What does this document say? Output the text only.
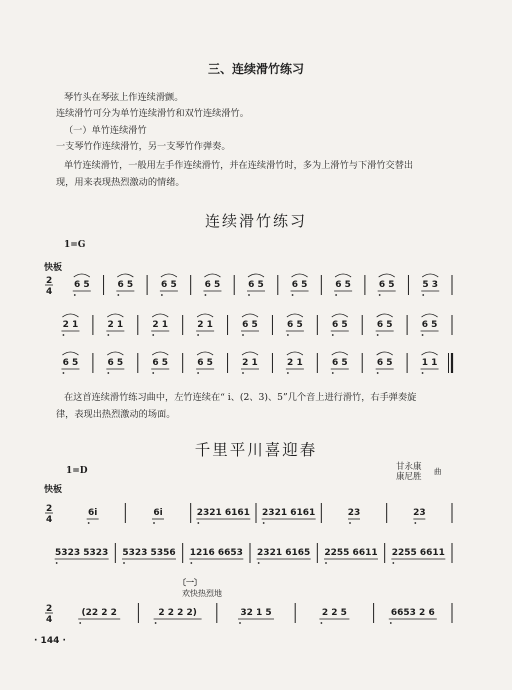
三、连续滑竹练习
琴竹头在琴弦上作连续滑颤。
连续滑竹可分为单竹连续滑竹和双竹连续滑竹。
（一）单竹连续滑竹
一支琴竹作连续滑竹，另一支琴竹作弹奏。
单竹连续滑竹，一般用左手作连续滑竹，并在连续滑竹时，多为上滑竹与下滑竹交替出
现，用来表现热烈激动的情绪。
连续滑竹练习
1=G
快板
2
4
6 5	6 5	6 5	6 5	6 5	6 5	6 5	6 5	5 3
2 1	2 1	2 1	2 1	6 5	6 5	6 5	6 5	6 5
6 5	6 5	6 5	6 5	2 1	2 1	6 5	6 5	1 1
在这首连续滑竹练习曲中，左竹连续在“ i、(2、3)、5”几个音上进行滑竹，右手弹奏旋
律，表现出热烈激动的场面。
千里平川喜迎春
1=D
快板
甘永康
康尼胜
曲
2
4
6i	6i	2321 6161 2321 6161	23	23
5323 5323 5323 5356 1216 6653 2321 6165 2255 6611 2255 6611
〔一〕
欢快热烈地
2
4
(22 2 2	2 2 2 2)	32 1 5	2 2 5	6653 2 6
· 144 ·
